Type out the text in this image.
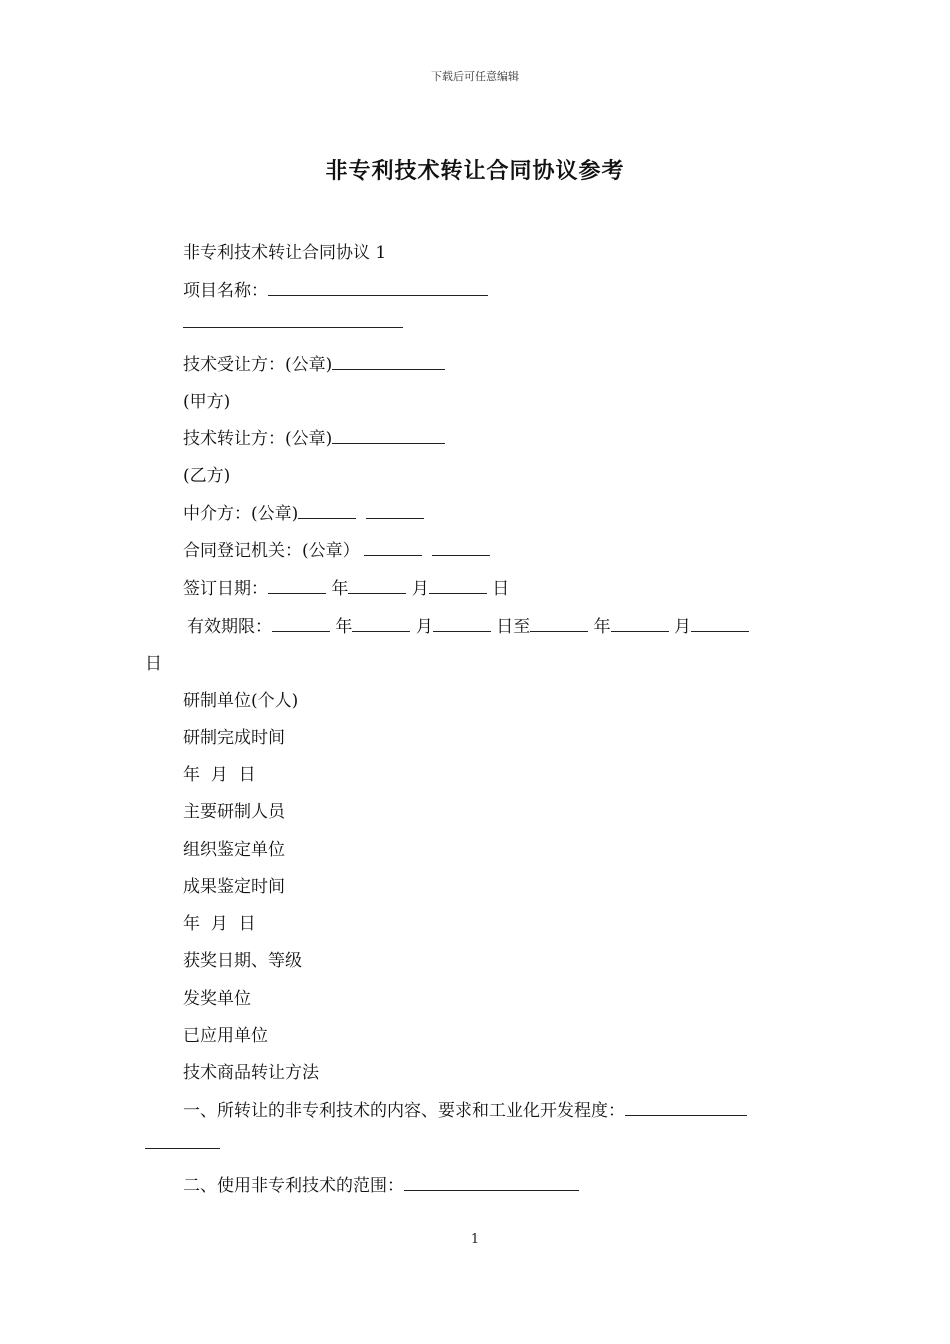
下载后可任意编辑
非专利技术转让合同协议参考
非专利技术转让合同协议 1
项目名称：
技术受让方：(公章)
(甲方)
技术转让方：(公章)
(乙方)
中介方：(公章)
合同登记机关：(公章）
签订日期：	年	月	日
有效期限：	年	月	日至	年	月
日
研制单位(个人)
研制完成时间
年  月  日
主要研制人员
组织鉴定单位
成果鉴定时间
年  月  日
获奖日期、等级
发奖单位
已应用单位
技术商品转让方法
一、所转让的非专利技术的内容、要求和工业化开发程度：
二、使用非专利技术的范围：
1
